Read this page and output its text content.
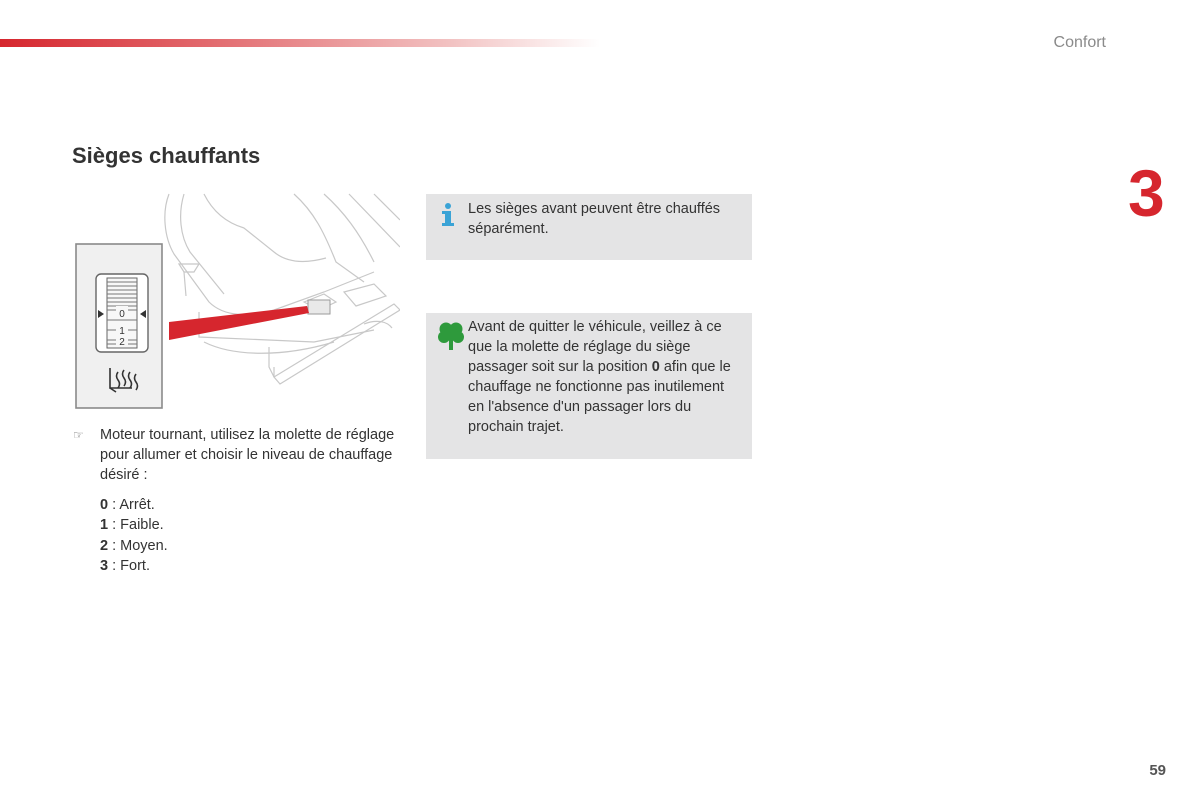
Confort
3
Sièges chauffants
0
1
2
☞	Moteur tournant, utilisez la molette de réglage pour allumer et choisir le niveau de chauffage désiré :

0 : Arrêt.
1 : Faible.
2 : Moyen.
3 : Fort.
Les sièges avant peuvent être chauffés séparément.
Avant de quitter le véhicule, veillez à ce que la molette de réglage du siège passager soit sur la position 0 afin que le chauffage ne fonctionne pas inutilement en l'absence d'un passager lors du prochain trajet.
59
